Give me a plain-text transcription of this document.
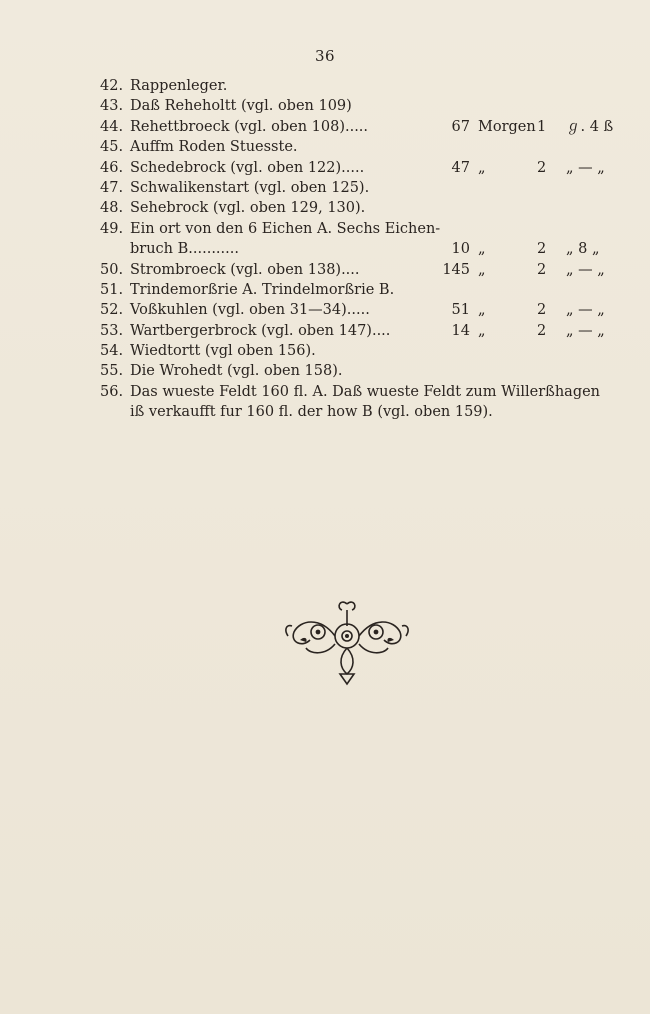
36
42. Rappenleger.
43. Daß Reheholtt (vgl. oben 109)
44. Rehettbroeck (vgl. oben 108).....	67 Morgen 1 ℊ. 4 ß
45. Auffm Roden Stuesste.
46. Schedebrock (vgl. oben 122).....	47 „	2 „ — „
47. Schwalikenstart (vgl. oben 125).
48. Sehebrock (vgl. oben 129, 130).
49. Ein ort von den 6 Eichen A. Sechs Eichen-
bruch B...........	10 „	2 „ 8 „
50. Strombroeck (vgl. oben 138)....	145 „	2 „ — „
51. Trindemorßrie A. Trindelmorßrie B.
52. Voßkuhlen (vgl. oben 31—34).....	51 „	2 „ — „
53. Wartbergerbrock (vgl. oben 147)....	14 „	2 „ — „
54. Wiedtortt (vgl oben 156).
55. Die Wrohedt (vgl. oben 158).
56. Das wueste Feldt 160 fl. A. Daß wueste Feldt zum Willerßhagen
iß verkaufft fur 160 fl. der how B (vgl. oben 159).
